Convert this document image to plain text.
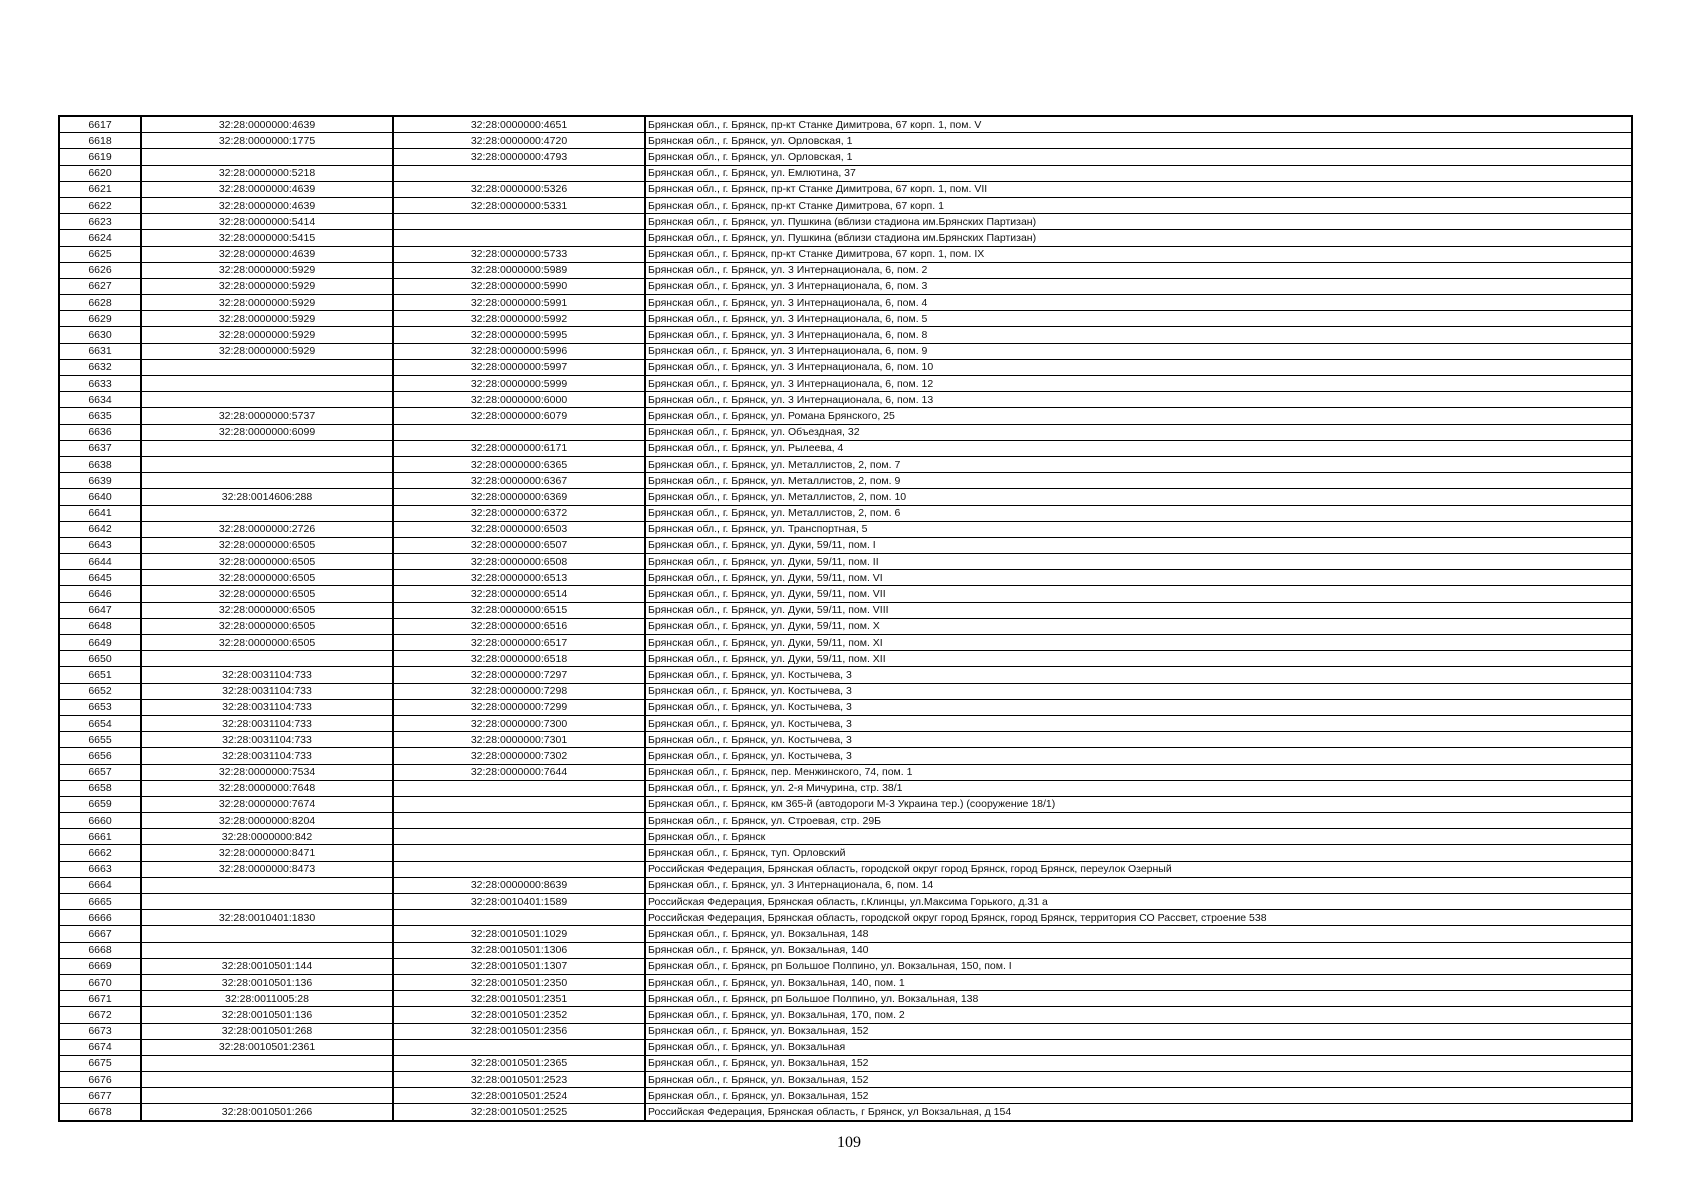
6617	32:28:0000000:4639	32:28:0000000:4651	Брянская обл., г. Брянск, пр-кт Станке Димитрова, 67 корп. 1, пом. V
6618	32:28:0000000:1775	32:28:0000000:4720	Брянская обл., г. Брянск, ул. Орловская, 1
6619		32:28:0000000:4793	Брянская обл., г. Брянск, ул. Орловская, 1
6620	32:28:0000000:5218		Брянская обл., г. Брянск, ул. Емлютина, 37
6621	32:28:0000000:4639	32:28:0000000:5326	Брянская обл., г. Брянск, пр-кт Станке Димитрова, 67 корп. 1, пом. VII
6622	32:28:0000000:4639	32:28:0000000:5331	Брянская обл., г. Брянск, пр-кт Станке Димитрова, 67 корп. 1
6623	32:28:0000000:5414		Брянская обл., г. Брянск, ул. Пушкина (вблизи стадиона им.Брянских Партизан)
6624	32:28:0000000:5415		Брянская обл., г. Брянск, ул. Пушкина (вблизи стадиона им.Брянских Партизан)
6625	32:28:0000000:4639	32:28:0000000:5733	Брянская обл., г. Брянск, пр-кт Станке Димитрова, 67 корп. 1, пом. IX
6626	32:28:0000000:5929	32:28:0000000:5989	Брянская обл., г. Брянск, ул. 3 Интернационала, 6, пом. 2
6627	32:28:0000000:5929	32:28:0000000:5990	Брянская обл., г. Брянск, ул. 3 Интернационала, 6, пом. 3
6628	32:28:0000000:5929	32:28:0000000:5991	Брянская обл., г. Брянск, ул. 3 Интернационала, 6, пом. 4
6629	32:28:0000000:5929	32:28:0000000:5992	Брянская обл., г. Брянск, ул. 3 Интернационала, 6, пом. 5
6630	32:28:0000000:5929	32:28:0000000:5995	Брянская обл., г. Брянск, ул. 3 Интернационала, 6, пом. 8
6631	32:28:0000000:5929	32:28:0000000:5996	Брянская обл., г. Брянск, ул. 3 Интернационала, 6, пом. 9
6632		32:28:0000000:5997	Брянская обл., г. Брянск, ул. 3 Интернационала, 6, пом. 10
6633		32:28:0000000:5999	Брянская обл., г. Брянск, ул. 3 Интернационала, 6, пом. 12
6634		32:28:0000000:6000	Брянская обл., г. Брянск, ул. 3 Интернационала, 6, пом. 13
6635	32:28:0000000:5737	32:28:0000000:6079	Брянская обл., г. Брянск, ул. Романа Брянского, 25
6636	32:28:0000000:6099		Брянская обл., г. Брянск, ул. Объездная, 32
6637		32:28:0000000:6171	Брянская обл., г. Брянск, ул. Рылеева, 4
6638		32:28:0000000:6365	Брянская обл., г. Брянск, ул. Металлистов, 2, пом. 7
6639		32:28:0000000:6367	Брянская обл., г. Брянск, ул. Металлистов, 2, пом. 9
6640	32:28:0014606:288	32:28:0000000:6369	Брянская обл., г. Брянск, ул. Металлистов, 2, пом. 10
6641		32:28:0000000:6372	Брянская обл., г. Брянск, ул. Металлистов, 2, пом. 6
6642	32:28:0000000:2726	32:28:0000000:6503	Брянская обл., г. Брянск, ул. Транспортная, 5
6643	32:28:0000000:6505	32:28:0000000:6507	Брянская обл., г. Брянск, ул. Дуки, 59/11, пом. I
6644	32:28:0000000:6505	32:28:0000000:6508	Брянская обл., г. Брянск, ул. Дуки, 59/11, пом. II
6645	32:28:0000000:6505	32:28:0000000:6513	Брянская обл., г. Брянск, ул. Дуки, 59/11, пом. VI
6646	32:28:0000000:6505	32:28:0000000:6514	Брянская обл., г. Брянск, ул. Дуки, 59/11, пом. VII
6647	32:28:0000000:6505	32:28:0000000:6515	Брянская обл., г. Брянск, ул. Дуки, 59/11, пом. VIII
6648	32:28:0000000:6505	32:28:0000000:6516	Брянская обл., г. Брянск, ул. Дуки, 59/11, пом. X
6649	32:28:0000000:6505	32:28:0000000:6517	Брянская обл., г. Брянск, ул. Дуки, 59/11, пом. XI
6650		32:28:0000000:6518	Брянская обл., г. Брянск, ул. Дуки, 59/11, пом. XII
6651	32:28:0031104:733	32:28:0000000:7297	Брянская обл., г. Брянск, ул. Костычева, 3
6652	32:28:0031104:733	32:28:0000000:7298	Брянская обл., г. Брянск, ул. Костычева, 3
6653	32:28:0031104:733	32:28:0000000:7299	Брянская обл., г. Брянск, ул. Костычева, 3
6654	32:28:0031104:733	32:28:0000000:7300	Брянская обл., г. Брянск, ул. Костычева, 3
6655	32:28:0031104:733	32:28:0000000:7301	Брянская обл., г. Брянск, ул. Костычева, 3
6656	32:28:0031104:733	32:28:0000000:7302	Брянская обл., г. Брянск, ул. Костычева, 3
6657	32:28:0000000:7534	32:28:0000000:7644	Брянская обл., г. Брянск, пер. Менжинского, 74, пом. 1
6658	32:28:0000000:7648		Брянская обл., г. Брянск, ул. 2-я Мичурина, стр. 38/1
6659	32:28:0000000:7674		Брянская обл., г. Брянск, км 365-й (автодороги М-3 Украина тер.) (сооружение 18/1)
6660	32:28:0000000:8204		Брянская обл., г. Брянск, ул. Строевая, стр. 29Б
6661	32:28:0000000:842		Брянская обл., г. Брянск
6662	32:28:0000000:8471		Брянская обл., г. Брянск, туп. Орловский
6663	32:28:0000000:8473		Российская Федерация, Брянская область, городской округ город Брянск, город Брянск, переулок Озерный
6664		32:28:0000000:8639	Брянская обл., г. Брянск, ул. 3 Интернационала, 6, пом. 14
6665		32:28:0010401:1589	Российская Федерация, Брянская область, г.Клинцы, ул.Максима Горького, д.31 а
6666	32:28:0010401:1830		Российская Федерация, Брянская область, городской округ город Брянск, город Брянск, территория СО Рассвет, строение 538
6667		32:28:0010501:1029	Брянская обл., г. Брянск, ул. Вокзальная, 148
6668		32:28:0010501:1306	Брянская обл., г. Брянск, ул. Вокзальная, 140
6669	32:28:0010501:144	32:28:0010501:1307	Брянская обл., г. Брянск, рп Большое Полпино, ул. Вокзальная, 150, пом. I
6670	32:28:0010501:136	32:28:0010501:2350	Брянская обл., г. Брянск, ул. Вокзальная, 140, пом. 1
6671	32:28:0011005:28	32:28:0010501:2351	Брянская обл., г. Брянск, рп Большое Полпино, ул. Вокзальная, 138
6672	32:28:0010501:136	32:28:0010501:2352	Брянская обл., г. Брянск, ул. Вокзальная, 170, пом. 2
6673	32:28:0010501:268	32:28:0010501:2356	Брянская обл., г. Брянск, ул. Вокзальная, 152
6674	32:28:0010501:2361		Брянская обл., г. Брянск, ул. Вокзальная
6675		32:28:0010501:2365	Брянская обл., г. Брянск, ул. Вокзальная, 152
6676		32:28:0010501:2523	Брянская обл., г. Брянск, ул. Вокзальная, 152
6677		32:28:0010501:2524	Брянская обл., г. Брянск, ул. Вокзальная, 152
6678	32:28:0010501:266	32:28:0010501:2525	Российская Федерация, Брянская область, г Брянск, ул Вокзальная, д 154
109
